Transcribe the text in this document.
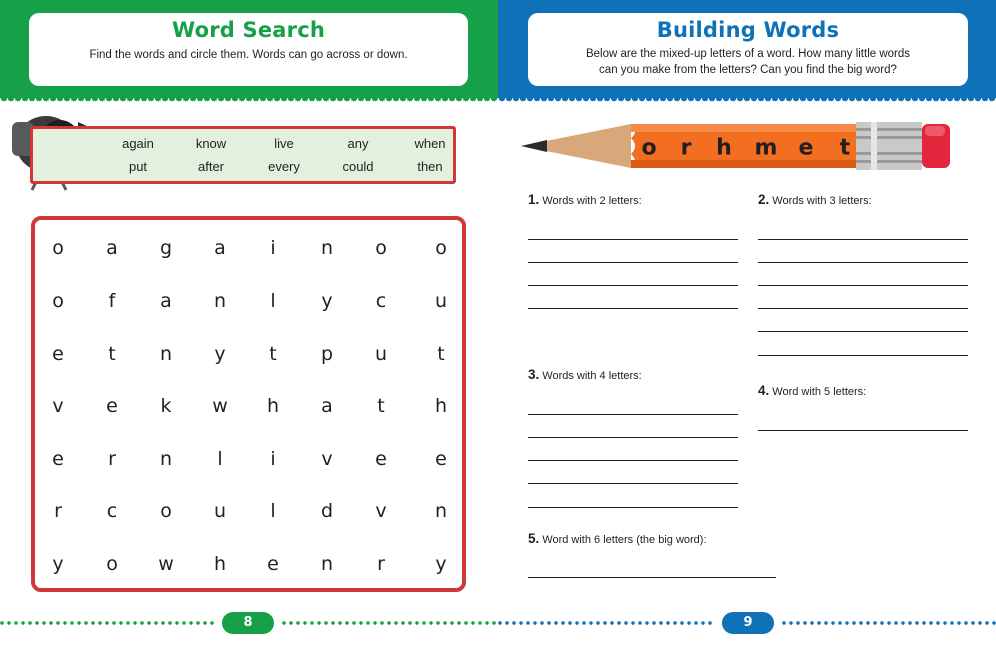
Word Search

Find the words and circle them. Words can go across or down.

again	know	live	any	when
put	after	every	could	then
o a g a i n o	o
o f a n l y c	u
e t n y t p u	t
v e k w h a t	h
e r n l	i v e	e
r c o u l d v	n
y o w h e n r	y
Building Words

Below are the mixed-up letters of a word. How many little words can you make from the letters? Can you find the big word?

o r h m e t
1. Words with 2 letters:	2. Words with 3 letters:
3. Words with 4 letters:
4. Word with 5 letters:
5. Word with 6 letters (the big word):
8	9
